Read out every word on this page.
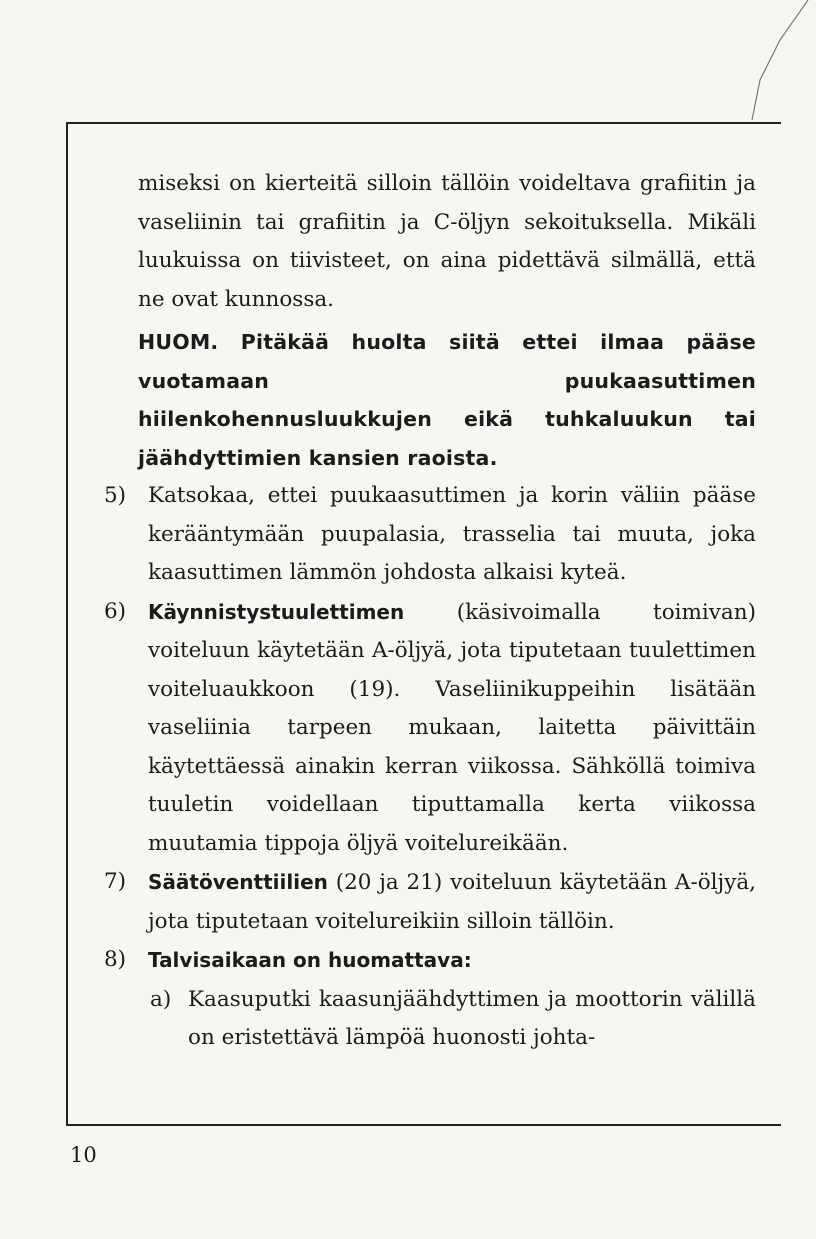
miseksi on kierteitä silloin tällöin voideltava grafiitin ja vaseliinin tai grafiitin ja C-öljyn sekoituksella. Mikäli luukuissa on tiivisteet, on aina pidettävä silmällä, että ne ovat kunnossa.

HUOM. Pitäkää huolta siitä ettei ilmaa pääse vuotamaan puukaasuttimen hiilenkohennusluukkujen eikä tuhkaluukun tai jäähdyttimien kansien raoista.

5) Katsokaa, ettei puukaasuttimen ja korin väliin pääse kerääntymään puupalasia, trasselia tai muuta, joka kaasuttimen lämmön johdosta alkaisi kyteä.

6) Käynnistystuulettimen (käsivoimalla toimivan) voiteluun käytetään A-öljyä, jota tiputetaan tuulettimen voiteluaukkoon (19). Vaseliinikuppeihin lisätään vaseliinia tarpeen mukaan, laitetta päivittäin käytettäessä ainakin kerran viikossa. Sähköllä toimiva tuuletin voidellaan tiputtamalla kerta viikossa muutamia tippoja öljyä voitelureikään.

7) Säätöventtiilien (20 ja 21) voiteluun käytetään A-öljyä, jota tiputetaan voitelureikiin silloin tällöin.

8) Talvisaikaan on huomattava:

a) Kaasuputki kaasunjäähdyttimen ja moottorin välillä on eristettävä lämpöä huonosti johta-

10
